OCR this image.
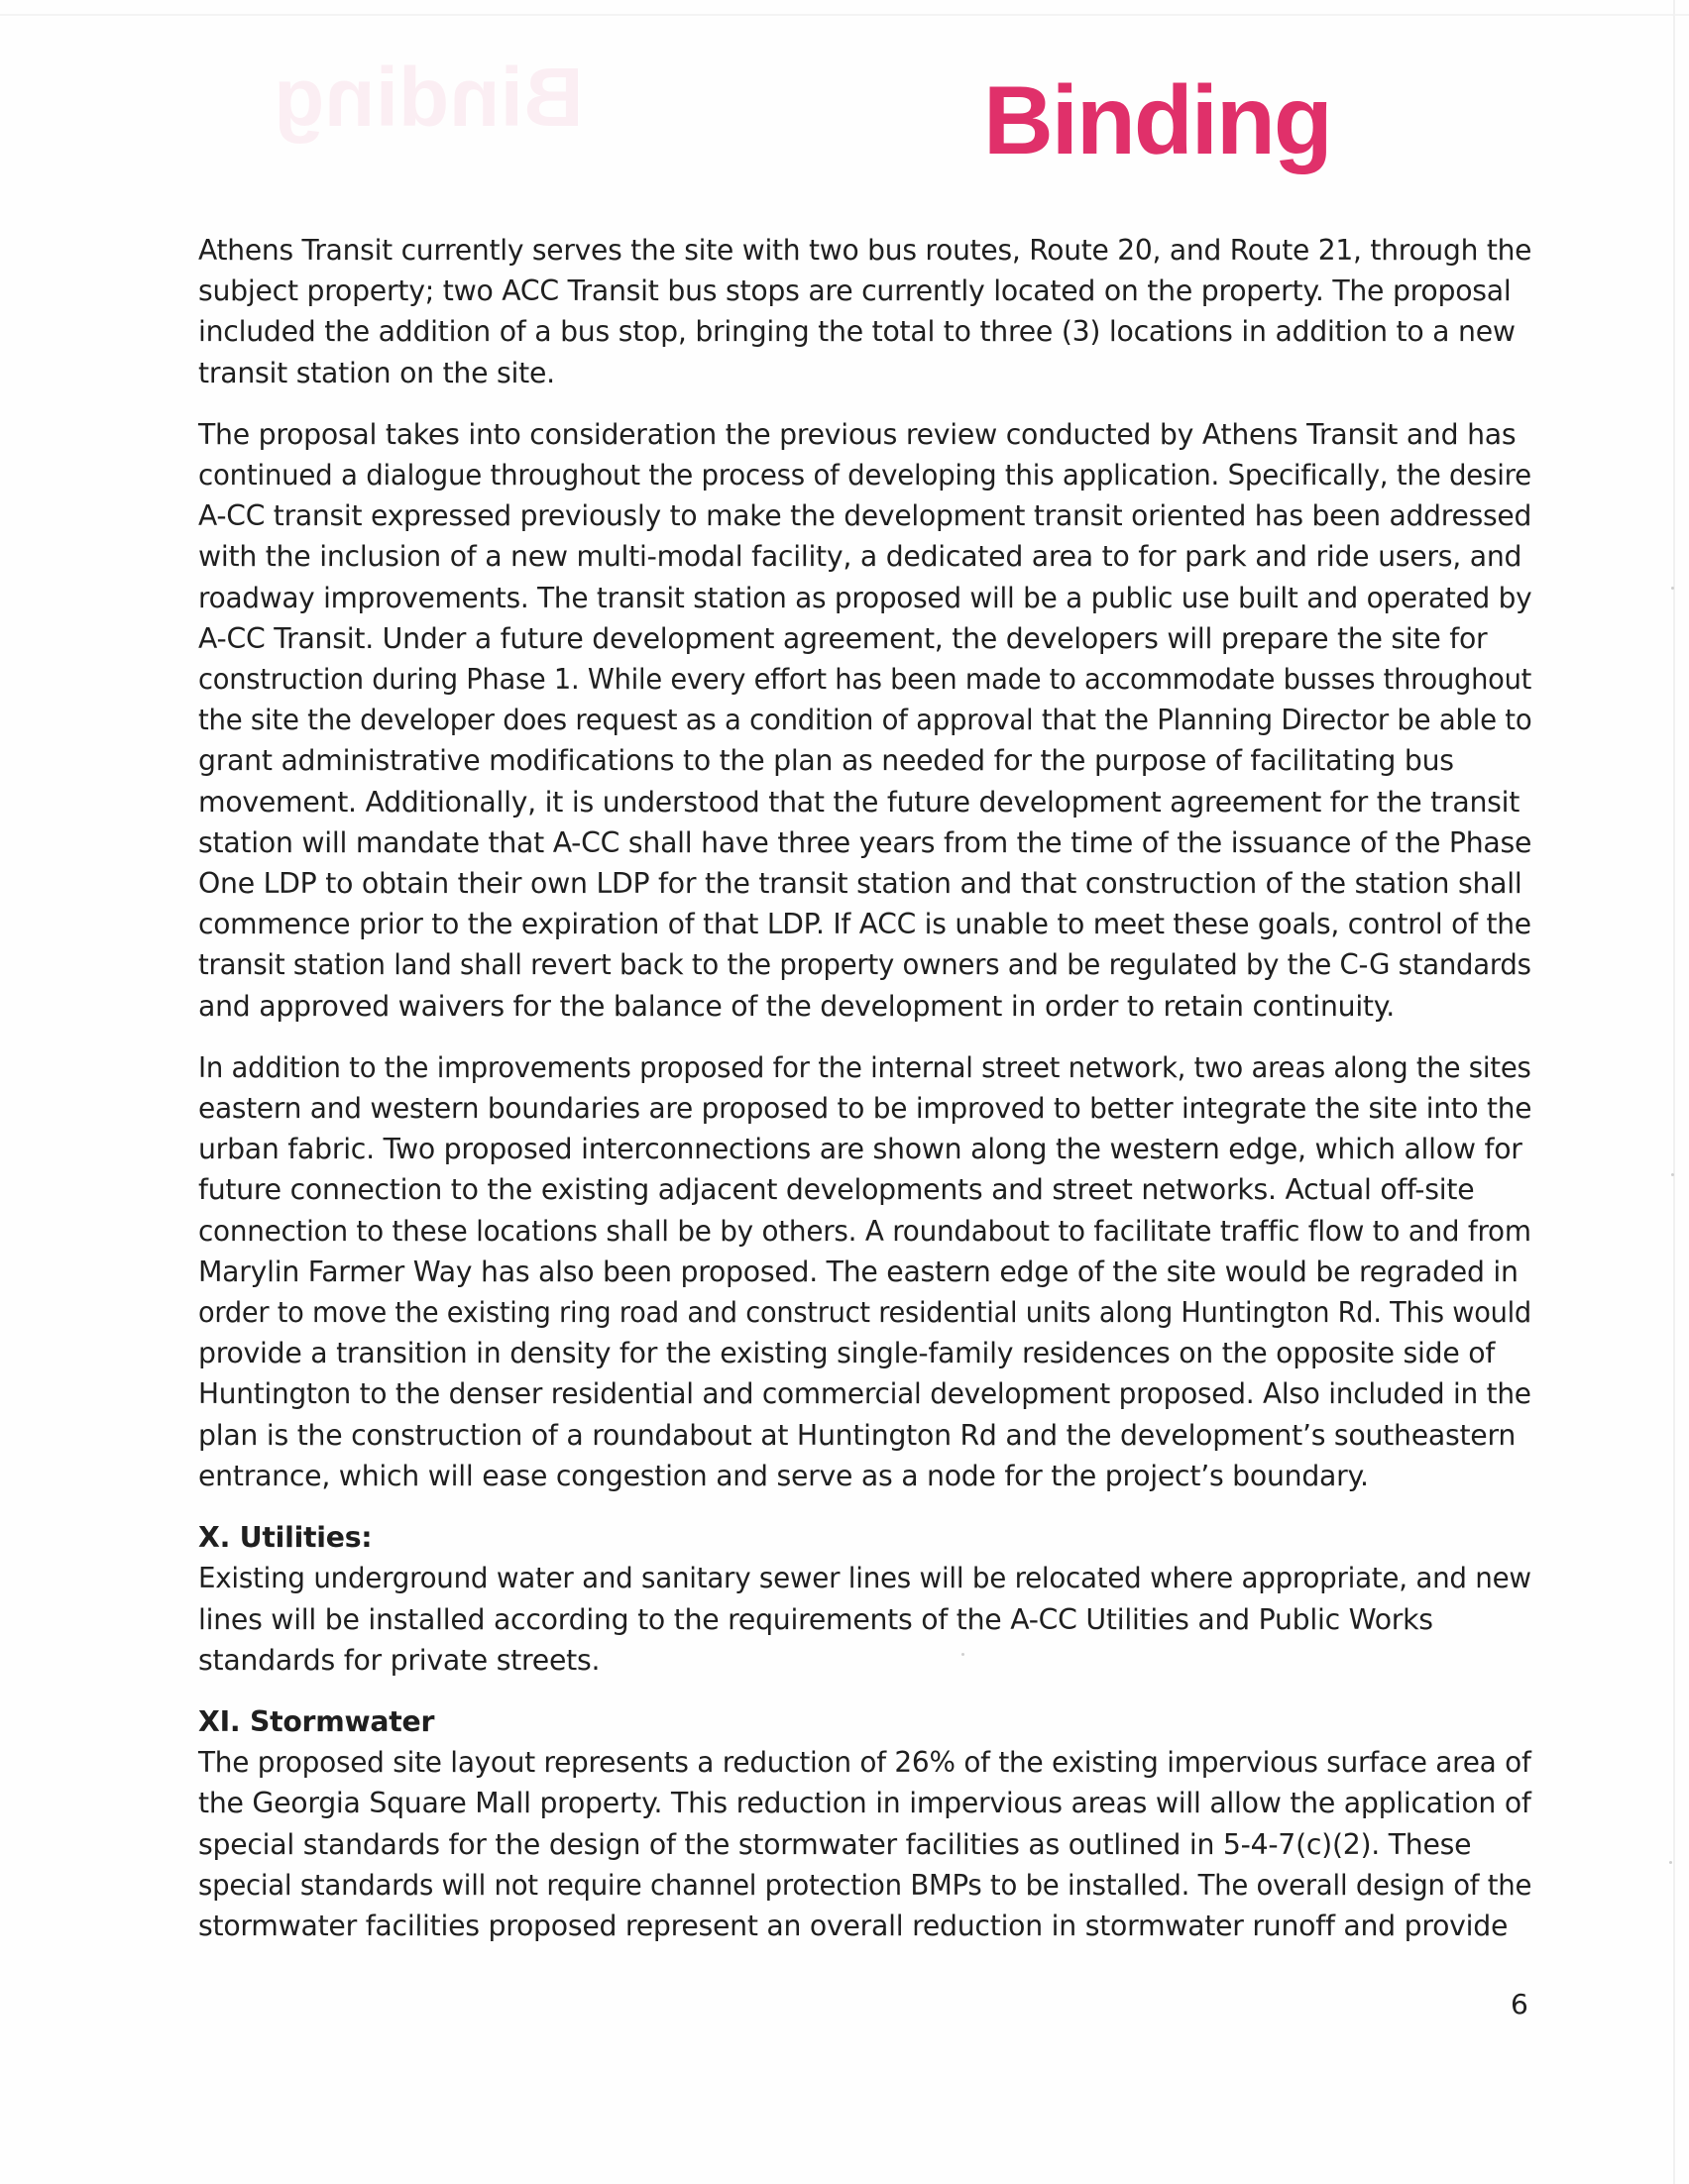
Binding	Binding

Athens Transit currently serves the site with two bus routes, Route 20, and Route 21, through the
subject property; two ACC Transit bus stops are currently located on the property. The proposal
included the addition of a bus stop, bringing the total to three (3) locations in addition to a new
transit station on the site.

The proposal takes into consideration the previous review conducted by Athens Transit and has
continued a dialogue throughout the process of developing this application. Specifically, the desire
A-CC transit expressed previously to make the development transit oriented has been addressed
with the inclusion of a new multi-modal facility, a dedicated area to for park and ride users, and
roadway improvements. The transit station as proposed will be a public use built and operated by
A-CC Transit. Under a future development agreement, the developers will prepare the site for
construction during Phase 1. While every effort has been made to accommodate busses throughout
the site the developer does request as a condition of approval that the Planning Director be able to
grant administrative modifications to the plan as needed for the purpose of facilitating bus
movement. Additionally, it is understood that the future development agreement for the transit
station will mandate that A-CC shall have three years from the time of the issuance of the Phase
One LDP to obtain their own LDP for the transit station and that construction of the station shall
commence prior to the expiration of that LDP. If ACC is unable to meet these goals, control of the
transit station land shall revert back to the property owners and be regulated by the C-G standards
and approved waivers for the balance of the development in order to retain continuity.

In addition to the improvements proposed for the internal street network, two areas along the sites
eastern and western boundaries are proposed to be improved to better integrate the site into the
urban fabric. Two proposed interconnections are shown along the western edge, which allow for
future connection to the existing adjacent developments and street networks. Actual off-site
connection to these locations shall be by others. A roundabout to facilitate traffic flow to and from
Marylin Farmer Way has also been proposed. The eastern edge of the site would be regraded in
order to move the existing ring road and construct residential units along Huntington Rd. This would
provide a transition in density for the existing single-family residences on the opposite side of
Huntington to the denser residential and commercial development proposed. Also included in the
plan is the construction of a roundabout at Huntington Rd and the development’s southeastern
entrance, which will ease congestion and serve as a node for the project’s boundary.

X. Utilities:

Existing underground water and sanitary sewer lines will be relocated where appropriate, and new
lines will be installed according to the requirements of the A-CC Utilities and Public Works
standards for private streets.

XI. Stormwater

The proposed site layout represents a reduction of 26% of the existing impervious surface area of
the Georgia Square Mall property. This reduction in impervious areas will allow the application of
special standards for the design of the stormwater facilities as outlined in 5-4-7(c)(2). These
special standards will not require channel protection BMPs to be installed. The overall design of the
stormwater facilities proposed represent an overall reduction in stormwater runoff and provide

6
